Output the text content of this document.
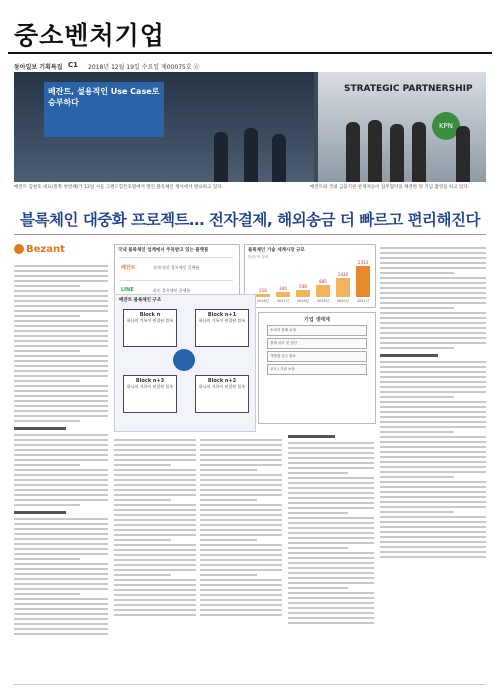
중소벤처기업
동아일보 기획특집 C1 2018년 12월 19일 수요일 제00075호 ⓓ
베잔트, 설용적인 Use Case로 승부하다
STRATEGIC PARTNERSHIP
KPN
베잔트 김현호 대표(왼쪽 첫번째)가 12일 서울 그랜드힐튼호텔에서 열린 블록체인 행사에서 발표하고 있다.	베잔트와 국내 금융기관 관계자들이 업무협약을 체결한 뒤 기념 촬영을 하고 있다.
블록체인 대중화 프로젝트… 전자결제, 해외송금 더 빠르고 편리해진다
Bezant	국내 블록체인 업계에서 주목받고 있는 플랫폼
베잔트	결제·정산 블록체인 플랫폼
LINE	라인 블록체인 플랫폼
블록체인 기술 세계시장 규모
단위: 억 달러
210
2016년
340
2017년
548
2018년
885
2019년
1430
2020년
2313
2021년
베잔트 블록체인 구조
Block n
하나의 기록이 연결된 블록
Block n+1
하나의 기록이 연결된 블록
Block n+3
하나의 기록이 연결된 블록
Block n+2
하나의 기록이 연결된 블록
기업 생태계
소비자 결제 요청
결제 처리 및 정산
가맹점 입금 완료
교사 / 기관 보상
